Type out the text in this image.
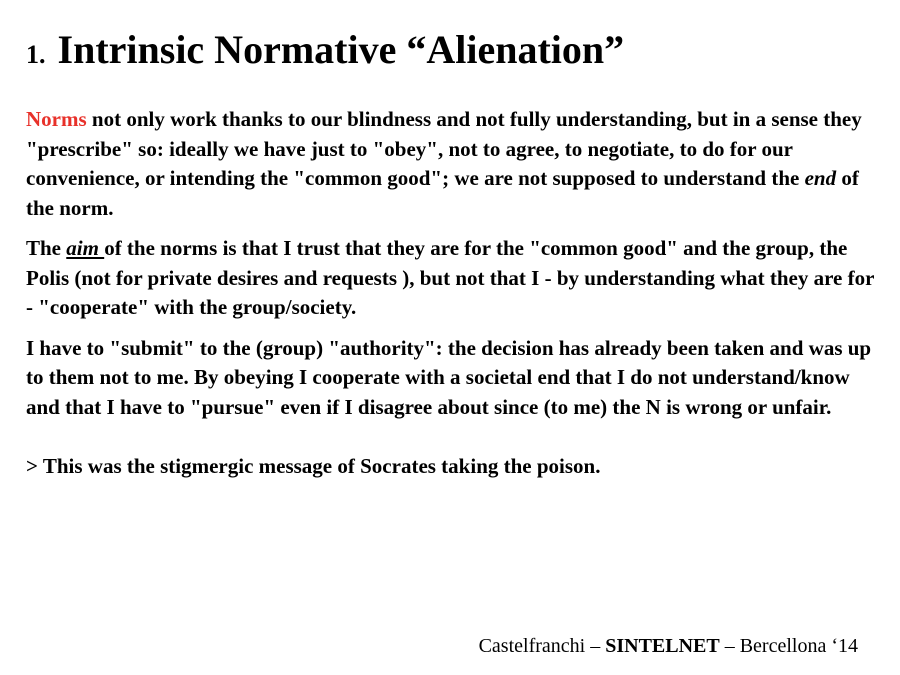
1. Intrinsic Normative “Alienation”

Norms not only work thanks to our blindness and not fully understanding, but in a sense they "prescribe" so: ideally we have just to "obey", not to agree, to negotiate, to do for our convenience, or intending the "common good"; we are not supposed to understand the end of the norm.

The aim of the norms is that I trust that they are for the "common good" and the group, the Polis (not for private desires and requests ), but not that I - by understanding what they are for - "cooperate" with the group/society.

I have to "submit" to the (group) "authority": the decision has already been taken and was up to them not to me. By obeying I cooperate with a societal end that I do not understand/know and that I have to "pursue" even if I disagree about since (to me) the N is wrong or unfair.

> This was the stigmergic message of Socrates taking the poison.

Castelfranchi – SINTELNET – Bercellona ‘14
